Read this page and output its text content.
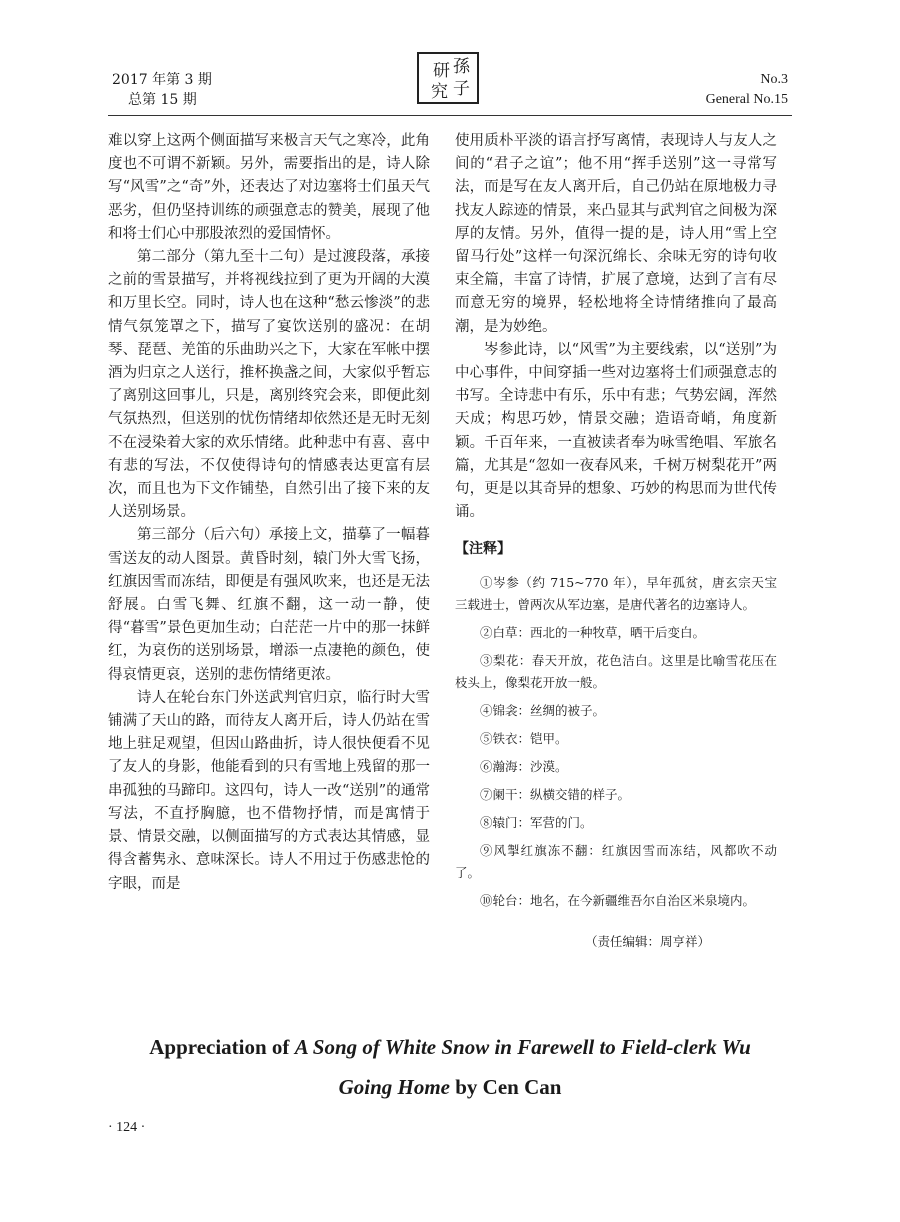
2017 年第 3 期
总第 15 期
研 孫
究 子	No.3
General No.15

难以穿上这两个侧面描写来极言天气之寒冷，此角度也不可谓不新颖。另外，需要指出的是，诗人除写“风雪”之“奇”外，还表达了对边塞将士们虽天气恶劣，但仍坚持训练的顽强意志的赞美，展现了他和将士们心中那股浓烈的爱国情怀。

第二部分（第九至十二句）是过渡段落，承接之前的雪景描写，并将视线拉到了更为开阔的大漠和万里长空。同时，诗人也在这种“愁云惨淡”的悲情气氛笼罩之下，描写了宴饮送别的盛况：在胡琴、琵琶、羌笛的乐曲助兴之下，大家在军帐中摆酒为归京之人送行，推杯换盏之间，大家似乎暂忘了离别这回事儿，只是，离别终究会来，即便此刻气氛热烈，但送别的忧伤情绪却依然还是无时无刻不在浸染着大家的欢乐情绪。此种悲中有喜、喜中有悲的写法，不仅使得诗句的情感表达更富有层次，而且也为下文作铺垫，自然引出了接下来的友人送别场景。

第三部分（后六句）承接上文，描摹了一幅暮雪送友的动人图景。黄昏时刻，辕门外大雪飞扬，红旗因雪而冻结，即便是有强风吹来，也还是无法舒展。白雪飞舞、红旗不翻，这一动一静，使得“暮雪”景色更加生动；白茫茫一片中的那一抹鲜红，为哀伤的送别场景，增添一点凄艳的颜色，使得哀情更哀，送别的悲伤情绪更浓。

诗人在轮台东门外送武判官归京，临行时大雪铺满了天山的路，而待友人离开后，诗人仍站在雪地上驻足观望，但因山路曲折，诗人很快便看不见了友人的身影，他能看到的只有雪地上残留的那一串孤独的马蹄印。这四句，诗人一改“送别”的通常写法，不直抒胸臆，也不借物抒情，而是寓情于景、情景交融，以侧面描写的方式表达其情感，显得含蓄隽永、意味深长。诗人不用过于伤感悲怆的字眼，而是

使用质朴平淡的语言抒写离情，表现诗人与友人之间的“君子之谊”；他不用“挥手送别”这一寻常写法，而是写在友人离开后，自己仍站在原地极力寻找友人踪迹的情景，来凸显其与武判官之间极为深厚的友情。另外，值得一提的是，诗人用“雪上空留马行处”这样一句深沉绵长、余味无穷的诗句收束全篇，丰富了诗情，扩展了意境，达到了言有尽而意无穷的境界，轻松地将全诗情绪推向了最高潮，是为妙绝。

岑参此诗，以“风雪”为主要线索，以“送别”为中心事件，中间穿插一些对边塞将士们顽强意志的书写。全诗悲中有乐，乐中有悲；气势宏阔，浑然天成；构思巧妙，情景交融；造语奇峭，角度新颖。千百年来，一直被读者奉为咏雪绝唱、军旅名篇，尤其是“忽如一夜春风来，千树万树梨花开”两句，更是以其奇异的想象、巧妙的构思而为世代传诵。

【注释】

①岑参（约 715~770 年），早年孤贫，唐玄宗天宝三载进士，曾两次从军边塞，是唐代著名的边塞诗人。
②白草：西北的一种牧草，晒干后变白。
③梨花：春天开放，花色洁白。这里是比喻雪花压在枝头上，像梨花开放一般。
④锦衾：丝绸的被子。
⑤铁衣：铠甲。
⑥瀚海：沙漠。
⑦阑干：纵横交错的样子。
⑧辕门：军营的门。
⑨风掣红旗冻不翻：红旗因雪而冻结，风都吹不动了。
⑩轮台：地名，在今新疆维吾尔自治区米泉境内。
（责任编辑：周亨祥）
Appreciation of A Song of White Snow in Farewell to Field-clerk Wu
Going Home by Cen Can
· 124 ·
